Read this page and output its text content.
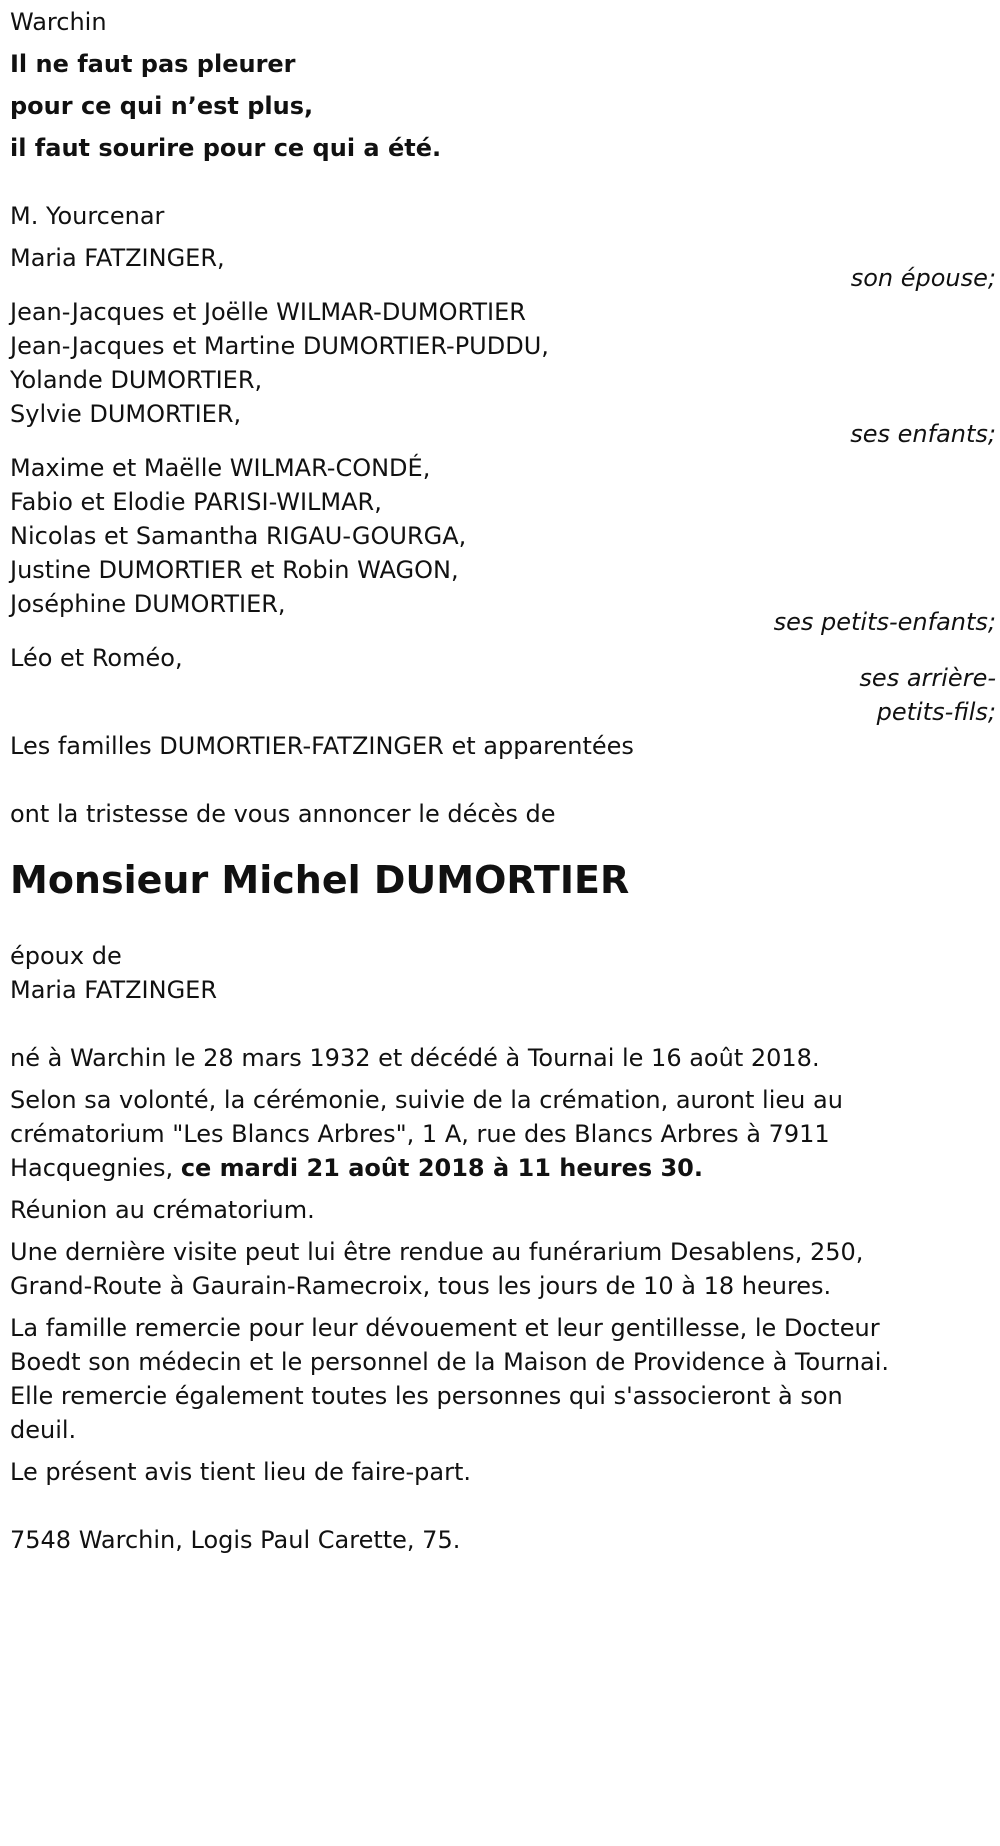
Warchin
Il ne faut pas pleurer
pour ce qui n’est plus,
il faut sourire pour ce qui a été.
M. Yourcenar
Maria FATZINGER,
son épouse;
Jean-Jacques et Joëlle WILMAR-DUMORTIER
Jean-Jacques et Martine DUMORTIER-PUDDU,
Yolande DUMORTIER,
Sylvie DUMORTIER,
ses enfants;
Maxime et Maëlle WILMAR-CONDÉ,
Fabio et Elodie PARISI-WILMAR,
Nicolas et Samantha RIGAU-GOURGA,
Justine DUMORTIER et Robin WAGON,
Joséphine DUMORTIER,
ses petits-enfants;
Léo et Roméo,
ses arrière-
petits-fils;
Les familles DUMORTIER-FATZINGER et apparentées
ont la tristesse de vous annoncer le décès de
Monsieur Michel DUMORTIER
époux de
Maria FATZINGER
né à Warchin le 28 mars 1932 et décédé à Tournai le 16 août 2018.
Selon sa volonté, la cérémonie, suivie de la crémation, auront lieu au
crématorium "Les Blancs Arbres", 1 A, rue des Blancs Arbres à 7911
Hacquegnies, ce mardi 21 août 2018 à 11 heures 30.
Réunion au crématorium.
Une dernière visite peut lui être rendue au funérarium Desablens, 250,
Grand-Route à Gaurain-Ramecroix, tous les jours de 10 à 18 heures.
La famille remercie pour leur dévouement et leur gentillesse, le Docteur
Boedt son médecin et le personnel de la Maison de Providence à Tournai.
Elle remercie également toutes les personnes qui s'associeront à son
deuil.
Le présent avis tient lieu de faire-part.
7548 Warchin, Logis Paul Carette, 75.
